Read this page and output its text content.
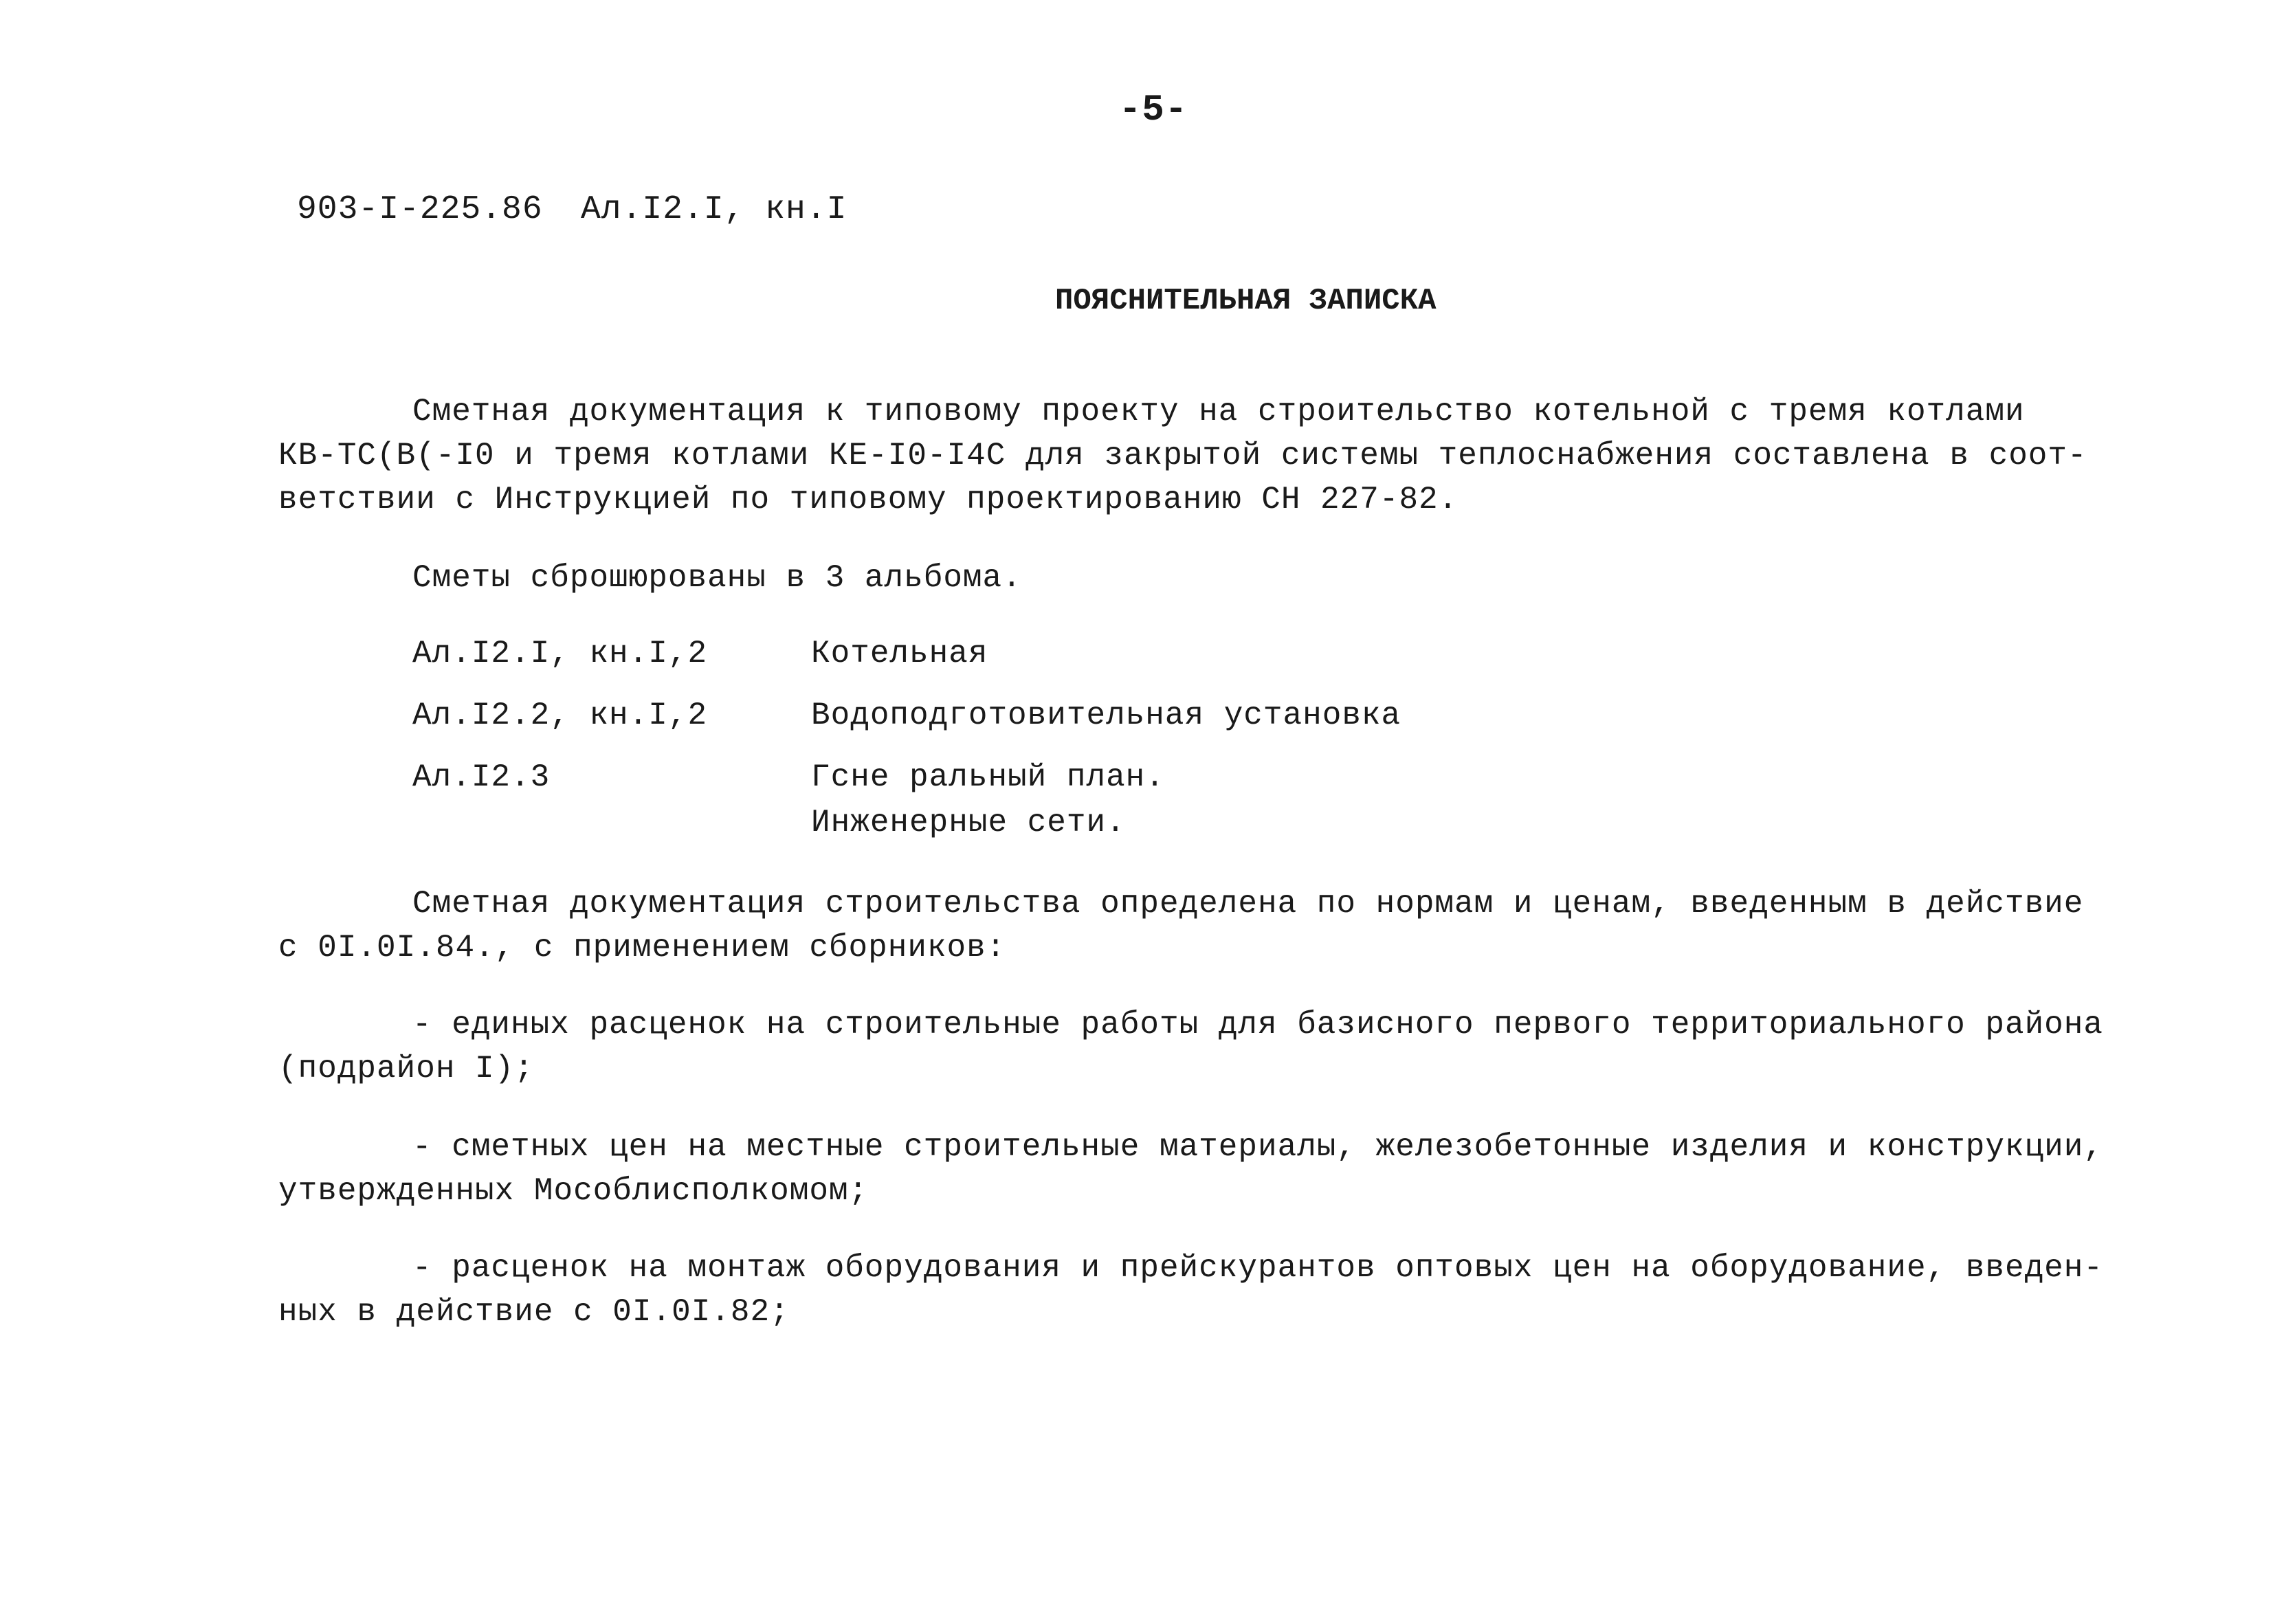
-5-
903-I-225.86 Ал.I2.I, кн.I
ПОЯСНИТЕЛЬНАЯ ЗАПИСКА
Сметная документация к типовому проекту на строительство котельной с тремя котлами
КВ-ТС(В(-I0 и тремя котлами КЕ-I0-I4С для закрытой системы теплоснабжения составлена в соот-
ветствии с Инструкцией по типовому проектированию СН 227-82.
Сметы сброшюрованы в 3 альбома.
Ал.I2.I, кн.I,2	Котельная
Ал.I2.2, кн.I,2	Водоподготовительная установка
Ал.I2.3	Гсне ральный план.
Инженерные сети.
Сметная документация строительства определена по нормам и ценам, введенным в действие
с 0I.0I.84., с применением сборников:
- единых расценок на строительные работы для базисного первого территориального района
(подрайон I);
- сметных цен на местные строительные материалы, железобетонные изделия и конструкции,
утвержденных Мособлисполкомом;
- расценок на монтаж оборудования и прейскурантов оптовых цен на оборудование, введен-
ных в действие с 0I.0I.82;
